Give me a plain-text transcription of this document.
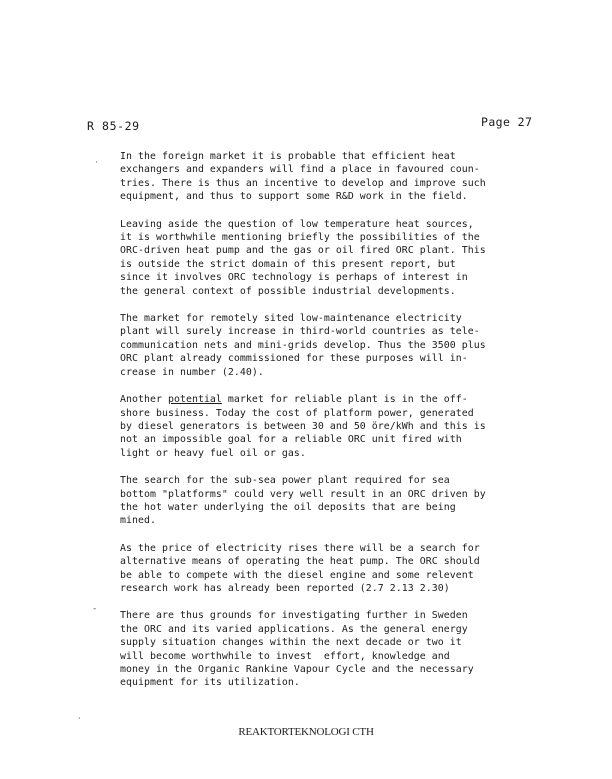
R 85-29	Page 27
·
-
·
In the foreign market it is probable that efficient heat
exchangers and expanders will find a place in favoured coun-
tries. There is thus an incentive to develop and improve such
equipment, and thus to support some R&D work in the field.
Leaving aside the question of low temperature heat sources,
it is worthwhile mentioning briefly the possibilities of the
ORC-driven heat pump and the gas or oil fired ORC plant. This
is outside the strict domain of this present report, but
since it involves ORC technology is perhaps of interest in
the general context of possible industrial developments.
The market for remotely sited low-maintenance electricity
plant will surely increase in third-world countries as tele-
communication nets and mini-grids develop. Thus the 3500 plus
ORC plant already commissioned for these purposes will in-
crease in number (2.40).
Another potential market for reliable plant is in the off-
shore business. Today the cost of platform power, generated
by diesel generators is between 30 and 50 öre/kWh and this is
not an impossible goal for a reliable ORC unit fired with
light or heavy fuel oil or gas.
The search for the sub-sea power plant required for sea
bottom "platforms" could very well result in an ORC driven by
the hot water underlying the oil deposits that are being
mined.
As the price of electricity rises there will be a search for
alternative means of operating the heat pump. The ORC should
be able to compete with the diesel engine and some relevent
research work has already been reported (2.7 2.13 2.30)
There are thus grounds for investigating further in Sweden
the ORC and its varied applications. As the general energy
supply situation changes within the next decade or two it
will become worthwhile to invest  effort, knowledge and
money in the Organic Rankine Vapour Cycle and the necessary
equipment for its utilization.
REAKTORTEKNOLOGI CTH
